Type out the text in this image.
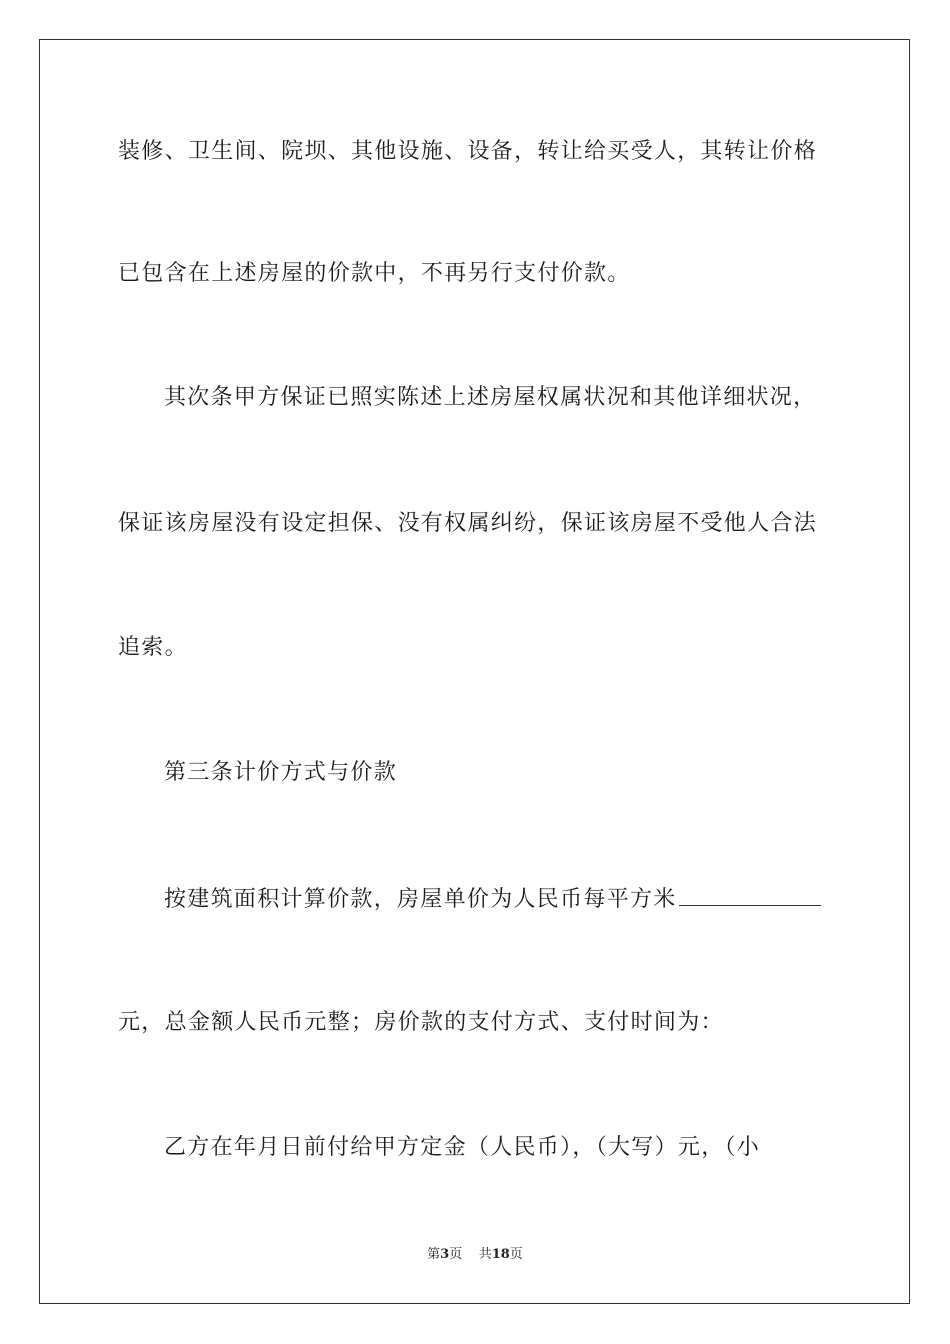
装修、卫生间、院坝、其他设施、设备，转让给买受人，其转让价格
已包含在上述房屋的价款中，不再另行支付价款。
其次条甲方保证已照实陈述上述房屋权属状况和其他详细状况，
保证该房屋没有设定担保、没有权属纠纷，保证该房屋不受他人合法
追索。
第三条计价方式与价款
按建筑面积计算价款，房屋单价为人民币每平方米
元，总金额人民币元整；房价款的支付方式、支付时间为：
乙方在年月日前付给甲方定金（人民币），（大写）元，（小
第3页 共18页
